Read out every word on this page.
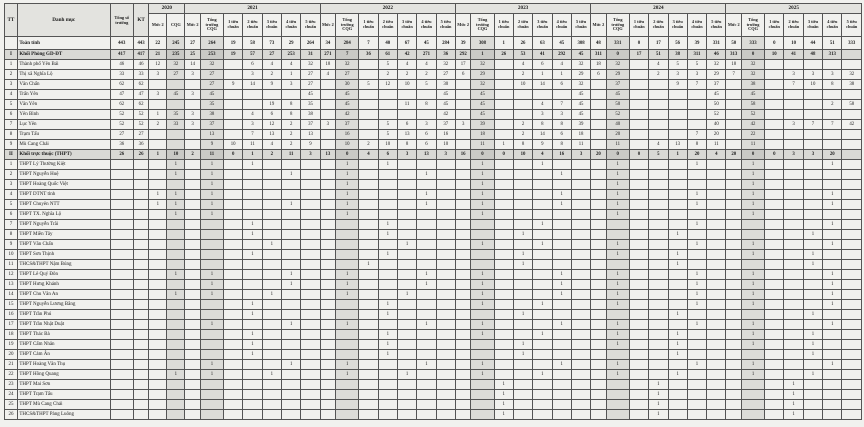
TT	Danh mục	Tổng số trường	KT	2020		2021							2022							2023							2024							2025						
				Mức 2	CQG	Mức 2	Tổng trường CQG	1 tiêu chuẩn	2 tiêu chuẩn	3 tiêu chuẩn	4 tiêu chuẩn	5 tiêu chuẩn	Mức 2	Tổng trường CQG	1 tiêu chuẩn	2 tiêu chuẩn	3 tiêu chuẩn	4 tiêu chuẩn	5 tiêu chuẩn	Mức 2	Tổng trường CQG	1 tiêu chuẩn	2 tiêu chuẩn	3 tiêu chuẩn	4 tiêu chuẩn	5 tiêu chuẩn	Mức 2	Tổng trường CQG	1 tiêu chuẩn	2 tiêu chuẩn	3 tiêu chuẩn	4 tiêu chuẩn	5 tiêu chuẩn	Mức 2	Tổng trường CQG	1 tiêu chuẩn	2 tiêu chuẩn	3 tiêu chuẩn	4 tiêu chuẩn	5 tiêu chuẩn
	Toàn tỉnh	443	443	22	245	27	264	19	58	73	29	264	34	284	7	40	67	45	284	39	308	1	26	63	45	308	48	331	0	17	56	39	331	50	333	0	10	44	51	333
I	Khối Phòng GD-ĐT	417	417	21	235	25	253	19	57	27	253	31	271	7	36	61	42	271	36	292	1	26	53	41	292	45	311	0	17	51	38	311	46	313	0	10	41	48	313	
1	Thành phố Yên Bái	46	46	12	32	14	32		6	4	4	32	18	32		5	4	4	32	17	32		4	6	4	32	18	32		4	5	5	32	18	32					
2	Thị xã Nghĩa Lộ	33	33	3	27	3	27		3	2	1	27	4	27		2	2	2	27	6	29		2	1	1	29	6	29		2	3	3	29	7	32		3	3	3	32
3	Văn Chấn	62	62				27	9	14	9	3	27		30	5	12	10	5	30		32		10	14	6	32		37			9	7	37		38		7	10	8	38
4	Trấn Yên	47	47	3	45	3	45					45		45					45		45					45		45					45		45					
5	Văn Yên	62	62				35			19	8	35		45			11	8	45		45			4	7	45		50					50		58				2	58
6	Yên Bình	52	52	1	35	3	38		4	6	8	38		42					42		45			3	3	45		52					52		52					
7	Lục Yên	52	52	2	33	3	37		3	12	2	37	3	37		5	6	3	37	3	39		2	8	8	39		40					40		42		3	7	7	42
8	Trạm Tấu	27	27				13		7	13	2	13		16		5	13	6	16		18		2	14	6	18		20				7	20		22					
9	Mù Cang Chải	36	36				9	10	11	4	2	9		10	2	10	8	6	10		11	1	8	9	8	11		11		4	13	8	11		11					
II	Khối trực thuộc (THPT)	26	26	1	10	2	11	0	1	2	11	3	13	0	4	6	3	13	3	16	0	0	10	4	16	3	20	0	0	5	1	20	4	20	0	0	3	3	20	
1	THPT Lý Thường Kiệt				1		1		1					1		1					1			1				1				1			1				1	
2	THPT Nguyễn Huệ				1		1				1			1				1			1				1			1							1					
3	THPT Hoàng Quốc Việt						1							1							1							1							1					
4	THPT DTNT tỉnh			1	1		1							1				1			1				1			1				1			1				1	
5	THPT Chuyên NTT			1	1		1				1			1				1			1				1			1				1			1				1	
6	THPT TX. Nghĩa Lộ				1		1							1							1							1							1					
7	THPT Nguyễn Trãi								1							1								1								1							1	
8	THPT Miền Tây								1							1							1								1							1		
9	THPT Văn Chấn									1							1				1			1				1				1			1				1	
10	THPT Sơn Thịnh								1							1							1					1			1				1			1		
11	THCS&THPT Nậm Búng														1								1								1							1		
12	THPT Lê Quý Đôn				1		1				1			1				1			1				1			1				1			1				1	
13	THPT Hưng Khánh						1				1			1				1			1				1			1				1			1				1	
14	THPT Chu Văn An				1		1			1				1			1				1				1			1				1			1				1	
15	THPT Nguyễn Lương Bằng								1							1					1			1				1				1			1				1	
16	THPT Trần Phú								1							1							1								1							1		
17	THPT Trần Nhật Duật						1				1			1				1			1				1			1				1			1				1	
18	THPT Thác Bà								1							1					1			1				1			1				1			1		
19	THPT Cẩm Nhân								1							1							1					1			1				1			1		
20	THPT Cảm Ân								1							1							1								1							1		
21	THPT Hoàng Văn Thụ						1				1			1				1			1				1			1				1			1				1	
22	THPT Hồng Quang				1		1			1				1			1				1			1				1			1				1			1		
23	THPT Mai Sơn																					1								1							1			
24	THPT Trạm Tấu																					1								1							1			
25	THPT Mù Cang Chải																					1								1							1			
26	THCS&THPT Pàng Luông																					1								1							1			
